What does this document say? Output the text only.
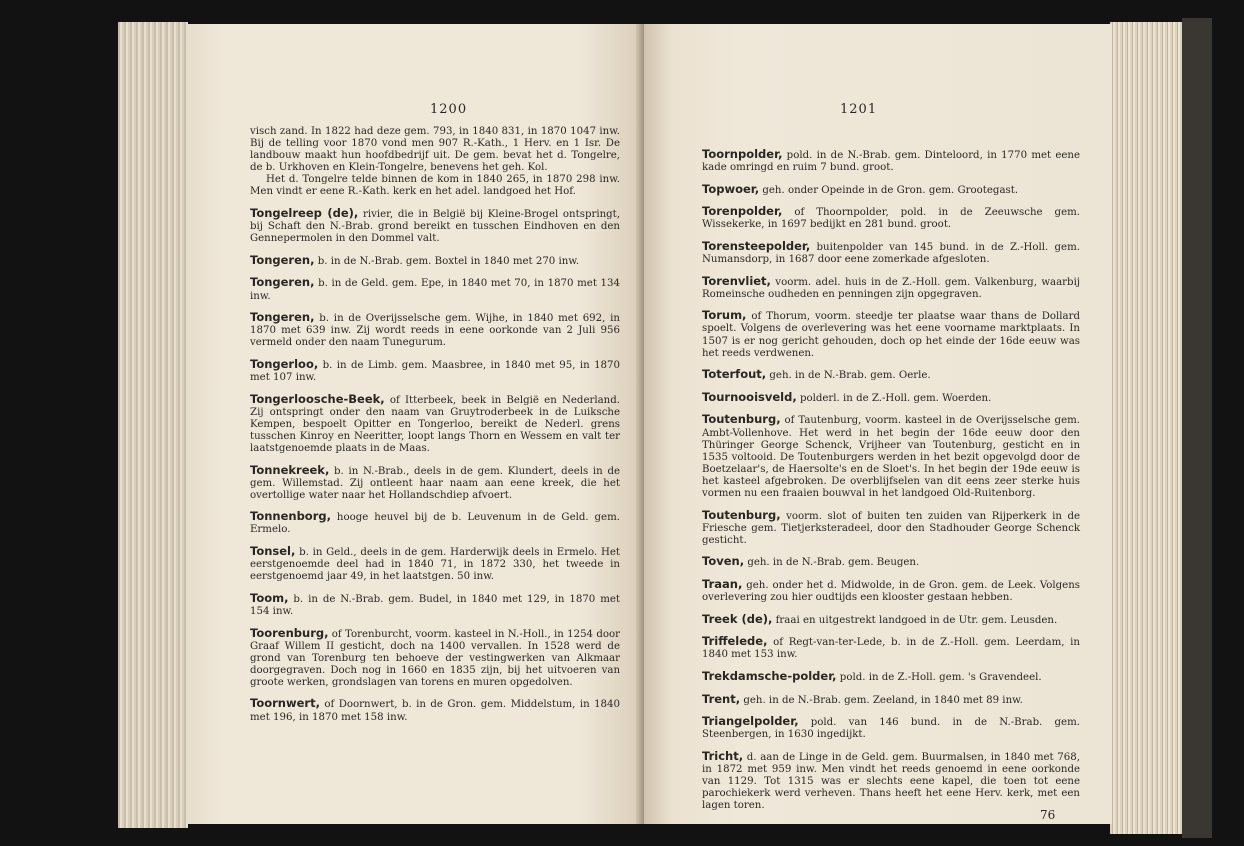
1200

visch zand. In 1822 had deze gem. 793, in 1840 831, in 1870 1047 inw. Bij de telling voor 1870 vond men 907 R.-Kath., 1 Herv. en 1 Isr. De landbouw maakt hun hoofdbedrijf uit. De gem. bevat het d. Tongelre, de b. Urkhoven en Klein-Tongelre, benevens het geh. Kol.

Het d. Tongelre telde binnen de kom in 1840 265, in 1870 298 inw. Men vindt er eene R.-Kath. kerk en het adel. landgoed het Hof.

Tongelreep (de), rivier, die in België bij Kleine-Brogel ontspringt, bij Schaft den N.-Brab. grond bereikt en tusschen Eindhoven en den Gennepermolen in den Dommel valt.

Tongeren, b. in de N.-Brab. gem. Boxtel in 1840 met 270 inw.

Tongeren, b. in de Geld. gem. Epe, in 1840 met 70, in 1870 met 134 inw.

Tongeren, b. in de Overijsselsche gem. Wijhe, in 1840 met 692, in 1870 met 639 inw. Zij wordt reeds in eene oorkonde van 2 Juli 956 vermeld onder den naam Tunegurum.

Tongerloo, b. in de Limb. gem. Maasbree, in 1840 met 95, in 1870 met 107 inw.

Tongerloosche-Beek, of Itterbeek, beek in België en Nederland. Zij ontspringt onder den naam van Gruytroderbeek in de Luiksche Kempen, bespoelt Opitter en Tongerloo, bereikt de Nederl. grens tusschen Kinroy en Neeritter, loopt langs Thorn en Wessem en valt ter laatstgenoemde plaats in de Maas.

Tonnekreek, b. in N.-Brab., deels in de gem. Klundert, deels in de gem. Willemstad. Zij ontleent haar naam aan eene kreek, die het overtollige water naar het Hollandschdiep afvoert.

Tonnenborg, hooge heuvel bij de b. Leuvenum in de Geld. gem. Ermelo.

Tonsel, b. in Geld., deels in de gem. Harderwijk deels in Ermelo. Het eerstgenoemde deel had in 1840 71, in 1872 330, het tweede in eerstgenoemd jaar 49, in het laatstgen. 50 inw.

Toom, b. in de N.-Brab. gem. Budel, in 1840 met 129, in 1870 met 154 inw.

Toorenburg, of Torenburcht, voorm. kasteel in N.-Holl., in 1254 door Graaf Willem II gesticht, doch na 1400 vervallen. In 1528 werd de grond van Torenburg ten behoeve der vestingwerken van Alkmaar doorgegraven. Doch nog in 1660 en 1835 zijn, bij het uitvoeren van groote werken, grondslagen van torens en muren opgedolven.

Toornwert, of Doornwert, b. in de Gron. gem. Middelstum, in 1840 met 196, in 1870 met 158 inw.

1201

Toornpolder, pold. in de N.-Brab. gem. Dinteloord, in 1770 met eene kade omringd en ruim 7 bund. groot.

Topwoer, geh. onder Opeinde in de Gron. gem. Grootegast.

Torenpolder, of Thoornpolder, pold. in de Zeeuwsche gem. Wissekerke, in 1697 bedijkt en 281 bund. groot.

Torensteepolder, buitenpolder van 145 bund. in de Z.-Holl. gem. Numansdorp, in 1687 door eene zomerkade afgesloten.

Torenvliet, voorm. adel. huis in de Z.-Holl. gem. Valkenburg, waarbij Romeinsche oudheden en penningen zijn opgegraven.

Torum, of Thorum, voorm. steedje ter plaatse waar thans de Dollard spoelt. Volgens de overlevering was het eene voorname marktplaats. In 1507 is er nog gericht gehouden, doch op het einde der 16de eeuw was het reeds verdwenen.

Toterfout, geh. in de N.-Brab. gem. Oerle.

Tournooisveld, polderl. in de Z.-Holl. gem. Woerden.

Toutenburg, of Tautenburg, voorm. kasteel in de Overijsselsche gem. Ambt-Vollenhove. Het werd in het begin der 16de eeuw door den Thüringer George Schenck, Vrijheer van Toutenburg, gesticht en in 1535 voltooid. De Toutenburgers werden in het bezit opgevolgd door de Boetzelaar's, de Haersolte's en de Sloet's. In het begin der 19de eeuw is het kasteel afgebroken. De overblijfselen van dit eens zeer sterke huis vormen nu een fraaien bouwval in het landgoed Old-Ruitenborg.

Toutenburg, voorm. slot of buiten ten zuiden van Rijperkerk in de Friesche gem. Tietjerksteradeel, door den Stadhouder George Schenck gesticht.

Toven, geh. in de N.-Brab. gem. Beugen.

Traan, geh. onder het d. Midwolde, in de Gron. gem. de Leek. Volgens overlevering zou hier oudtijds een klooster gestaan hebben.

Treek (de), fraai en uitgestrekt landgoed in de Utr. gem. Leusden.

Triffelede, of Regt-van-ter-Lede, b. in de Z.-Holl. gem. Leerdam, in 1840 met 153 inw.

Trekdamsche-polder, pold. in de Z.-Holl. gem. 's Gravendeel.

Trent, geh. in de N.-Brab. gem. Zeeland, in 1840 met 89 inw.

Triangelpolder, pold. van 146 bund. in de N.-Brab. gem. Steenbergen, in 1630 ingedijkt.

Tricht, d. aan de Linge in de Geld. gem. Buurmalsen, in 1840 met 768, in 1872 met 959 inw. Men vindt het reeds genoemd in eene oorkonde van 1129. Tot 1315 was er slechts eene kapel, die toen tot eene parochiekerk werd verheven. Thans heeft het eene Herv. kerk, met een lagen toren.

76
